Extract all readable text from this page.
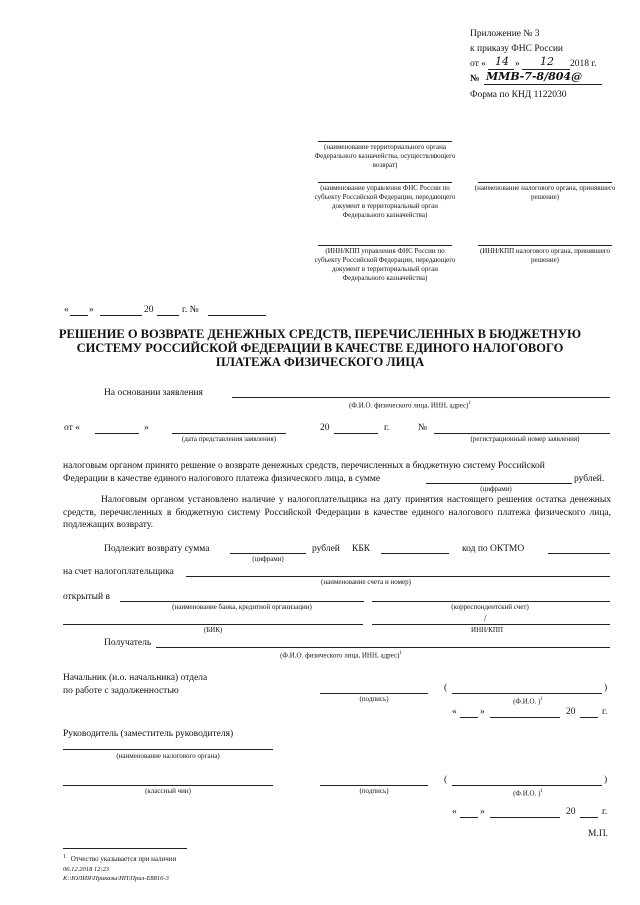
Приложение № 3
к приказу ФНС России
от « 14 » 12 2018 г.
№ ММВ-7-8/804@
Форма по КНД 1122030
(наименование территориального органа Федерального казначейства, осуществляющего возврат)
(наименование управления ФНС России по субъекту Российской Федерации, передающего документ в территориальный орган Федерального казначейства)
(наименование налогового органа, принявшего решение)
(ИНН/КПП управления ФНС России по субъекту Российской Федерации, передающего документ в территориальный орган Федерального казначейства)
(ИНН/КПП налогового органа, принявшего решение)
« »	20	г. №
РЕШЕНИЕ О ВОЗВРАТЕ ДЕНЕЖНЫХ СРЕДСТВ, ПЕРЕЧИСЛЕННЫХ В БЮДЖЕТНУЮ
СИСТЕМУ РОССИЙСКОЙ ФЕДЕРАЦИИ В КАЧЕСТВЕ ЕДИНОГО НАЛОГОВОГО
ПЛАТЕЖА ФИЗИЧЕСКОГО ЛИЦА
На основании заявления
(Ф.И.О. физического лица, ИНН, адрес)$^1$
от «	»
(дата представления заявления)
20	г.	№
(регистрационный номер заявления)
налоговым органом принято решение о возврате денежных средств, перечисленных в бюджетную систему Российской
Федерации в качестве единого налогового платежа физического лица, в сумме	рублей.
(цифрами)
Налоговым органом установлено наличие у налогоплательщика на дату принятия настоящего решения остатка денежных средств, перечисленных в бюджетную систему Российской Федерации в качестве единого налогового платежа физического лица, подлежащих возврату.
Подлежит возврату сумма
(цифрами)
рублей КБК	код по ОКТМО
на счет налогоплательщика
(наименование счета и номер)
открытый в
(наименование банка, кредитной организации)	(корреспондентский счет)
(БИК)
/
ИНН/КПП
Получатель
(Ф.И.О. физического лица, ИНН, адрес)$^1$
Начальник (и.о. начальника) отдела
по работе с задолженностью
(подпись)
(	)
(Ф.И.О. )$^1$
« »	20	г.
Руководитель (заместитель руководителя)
(наименование налогового органа)
(классный чин)	(подпись)
(	)
(Ф.И.О. )$^1$
« »	20	г.
М.П.
$^1$ Отчество указывается при наличии
06.12.2018 12:23
К:\ЮЛИЯ\Приказы\НП\Прил-Е8816-3
